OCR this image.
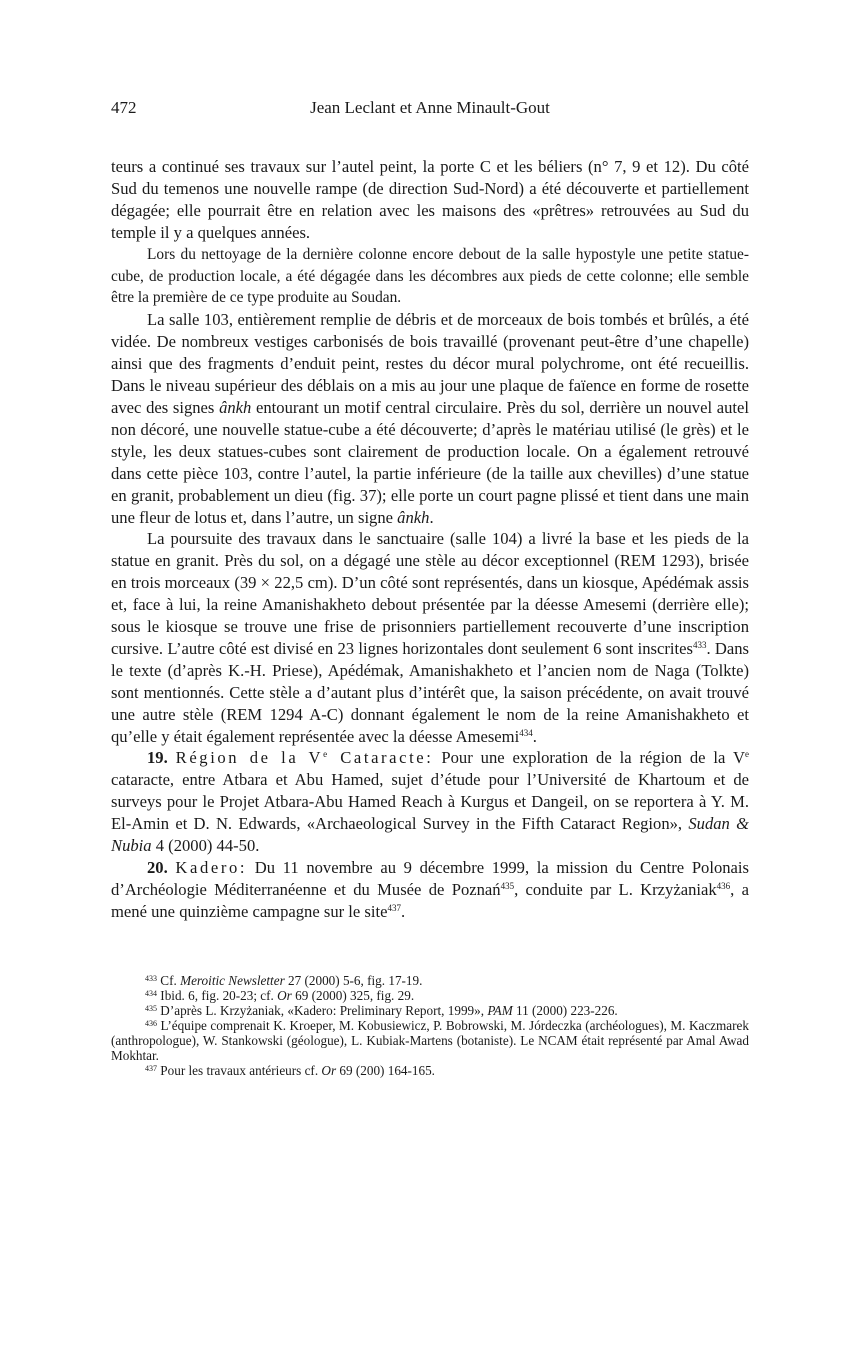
472	Jean Leclant et Anne Minault-Gout

teurs a continué ses travaux sur l’autel peint, la porte C et les béliers (n° 7, 9 et 12). Du côté Sud du temenos une nouvelle rampe (de direction Sud-Nord) a été découverte et partiellement dégagée; elle pourrait être en relation avec les maisons des «prêtres» retrouvées au Sud du temple il y a quelques années.

Lors du nettoyage de la dernière colonne encore debout de la salle hypostyle une petite statue-cube, de production locale, a été dégagée dans les décombres aux pieds de cette colonne; elle semble être la première de ce type produite au Soudan.

La salle 103, entièrement remplie de débris et de morceaux de bois tombés et brûlés, a été vidée. De nombreux vestiges carbonisés de bois travaillé (provenant peut-être d’une chapelle) ainsi que des fragments d’enduit peint, restes du décor mural polychrome, ont été recueillis. Dans le niveau supérieur des déblais on a mis au jour une plaque de faïence en forme de rosette avec des signes ânkh entourant un motif central circulaire. Près du sol, derrière un nouvel autel non décoré, une nouvelle statue-cube a été découverte; d’après le matériau utilisé (le grès) et le style, les deux statues-cubes sont clairement de production locale. On a également retrouvé dans cette pièce 103, contre l’autel, la partie inférieure (de la taille aux chevilles) d’une statue en granit, probablement un dieu (fig. 37); elle porte un court pagne plissé et tient dans une main une fleur de lotus et, dans l’autre, un signe ânkh.

La poursuite des travaux dans le sanctuaire (salle 104) a livré la base et les pieds de la statue en granit. Près du sol, on a dégagé une stèle au décor exceptionnel (REM 1293), brisée en trois morceaux (39 × 22,5 cm). D’un côté sont représentés, dans un kiosque, Apédémak assis et, face à lui, la reine Amanishakheto debout présentée par la déesse Amesemi (derrière elle); sous le kiosque se trouve une frise de prisonniers partiellement recouverte d’une inscription cursive. L’autre côté est divisé en 23 lignes horizontales dont seulement 6 sont inscrites$^{433}$. Dans le texte (d’après K.-H. Priese), Apédémak, Amanishakheto et l’ancien nom de Naga (Tolkte) sont mentionnés. Cette stèle a d’autant plus d’intérêt que, la saison précédente, on avait trouvé une autre stèle (REM 1294 A-C) donnant également le nom de la reine Amanishakheto et qu’elle y était également représentée avec la déesse Amesemi$^{434}$.

19. Région de la Ve Cataracte: Pour une exploration de la région de la Ve cataracte, entre Atbara et Abu Hamed, sujet d’étude pour l’Université de Khartoum et de surveys pour le Projet Atbara-Abu Hamed Reach à Kurgus et Dangeil, on se reportera à Y. M. El-Amin et D. N. Edwards, «Archaeological Survey in the Fifth Cataract Region», Sudan & Nubia 4 (2000) 44-50.

20. Kadero: Du 11 novembre au 9 décembre 1999, la mission du Centre Polonais d’Archéologie Méditerranéenne et du Musée de Poznań$^{435}$, conduite par L. Krzyżaniak$^{436}$, a mené une quinzième campagne sur le site$^{437}$.

$^{433}$ Cf. Meroitic Newsletter 27 (2000) 5-6, fig. 17-19.

$^{434}$ Ibid. 6, fig. 20-23; cf. Or 69 (2000) 325, fig. 29.

$^{435}$ D’après L. Krzyżaniak, «Kadero: Preliminary Report, 1999», PAM 11 (2000) 223-226.

$^{436}$ L’équipe comprenait K. Kroeper, M. Kobusiewicz, P. Bobrowski, M. Jórdeczka (archéologues), M. Kaczmarek (anthropologue), W. Stankowski (géologue), L. Kubiak-Martens (botaniste). Le NCAM était représenté par Amal Awad Mokhtar.

$^{437}$ Pour les travaux antérieurs cf. Or 69 (200) 164-165.
